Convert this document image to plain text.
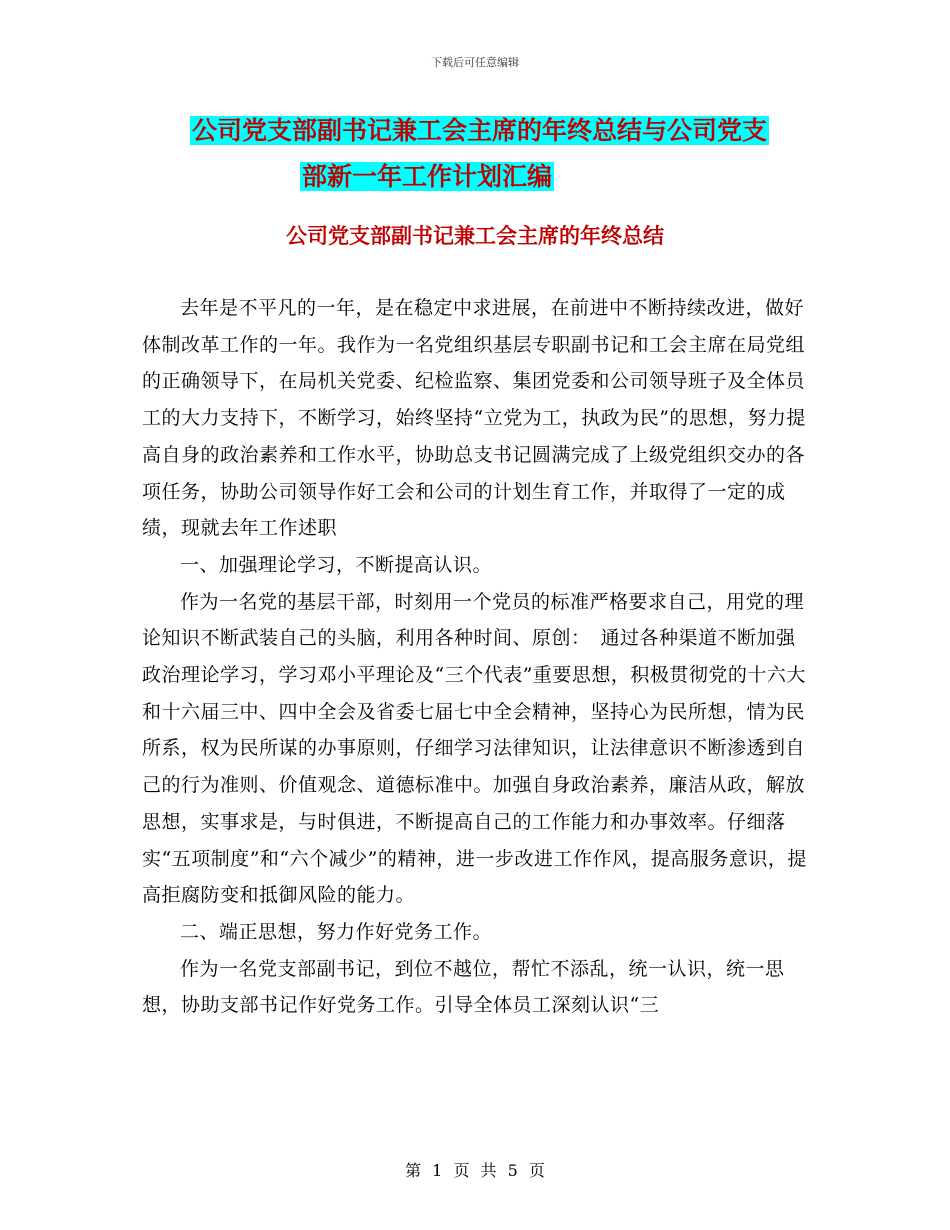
下载后可任意编辑
公司党支部副书记兼工会主席的年终总结与公司党支
部新一年工作计划汇编
公司党支部副书记兼工会主席的年终总结

去年是不平凡的一年，是在稳定中求进展，在前进中不断持续改进，做好体制改革工作的一年。我作为一名党组织基层专职副书记和工会主席在局党组的正确领导下，在局机关党委、纪检监察、集团党委和公司领导班子及全体员工的大力支持下，不断学习，始终坚持“立党为工，执政为民”的思想，努力提高自身的政治素养和工作水平，协助总支书记圆满完成了上级党组织交办的各项任务，协助公司领导作好工会和公司的计划生育工作，并取得了一定的成绩，现就去年工作述职

一、加强理论学习，不断提高认识。

作为一名党的基层干部，时刻用一个党员的标准严格要求自己，用党的理论知识不断武装自己的头脑，利用各种时间、原创：　通过各种渠道不断加强政治理论学习，学习邓小平理论及“三个代表”重要思想，积极贯彻党的十六大和十六届三中、四中全会及省委七届七中全会精神，坚持心为民所想，情为民所系，权为民所谋的办事原则，仔细学习法律知识，让法律意识不断渗透到自己的行为准则、价值观念、道德标准中。加强自身政治素养，廉洁从政，解放思想，实事求是，与时俱进，不断提高自己的工作能力和办事效率。仔细落实“五项制度”和“六个减少”的精神，进一步改进工作作风，提高服务意识，提高拒腐防变和抵御风险的能力。

二、端正思想，努力作好党务工作。

作为一名党支部副书记，到位不越位，帮忙不添乱，统一认识，统一思想，协助支部书记作好党务工作。引导全体员工深刻认识“三

第 1 页 共 5 页
